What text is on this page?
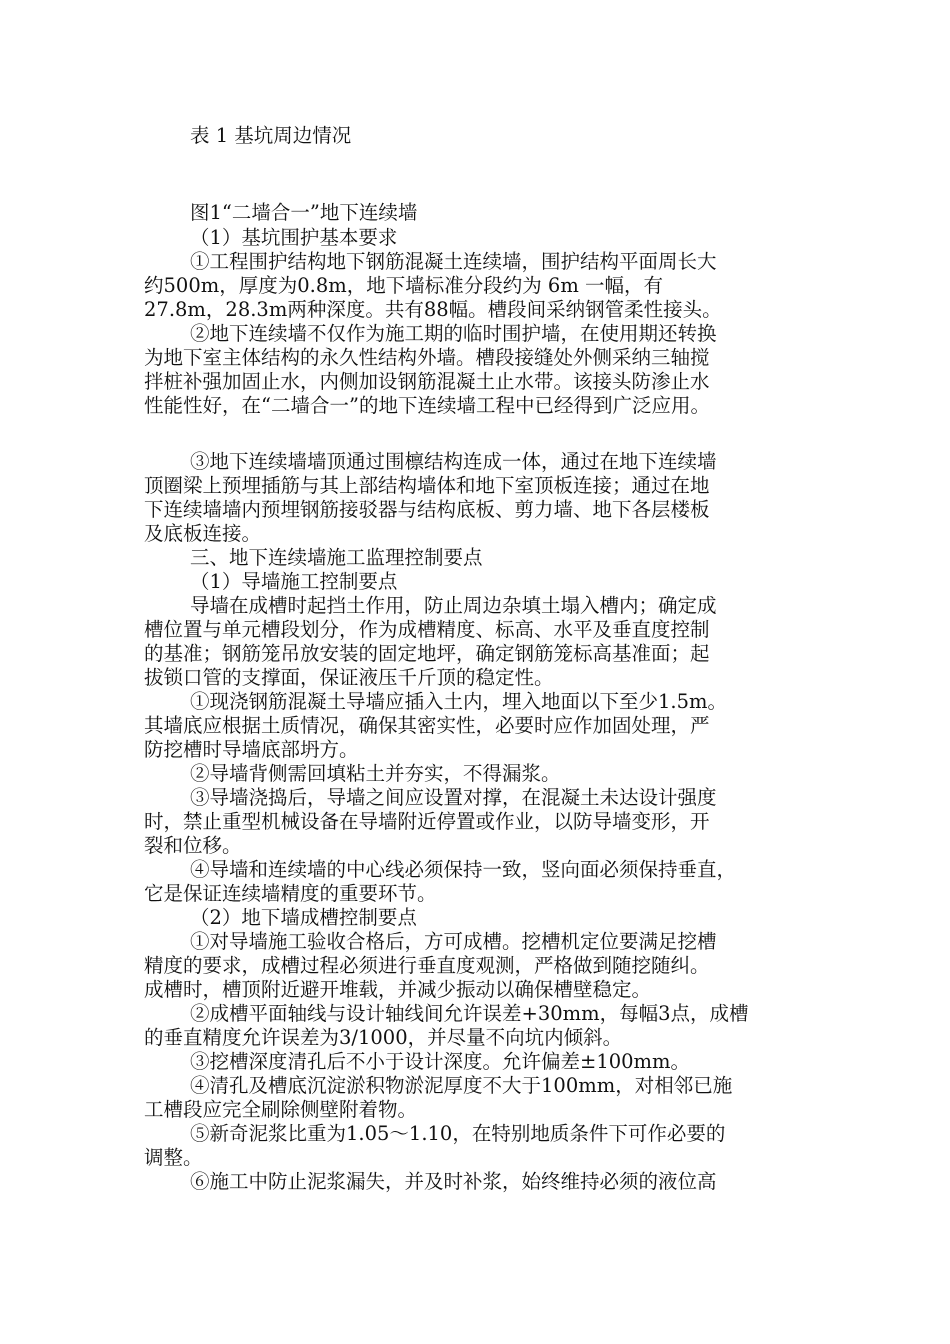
表 1 基坑周边情况
图1“二墙合一”地下连续墙
（1）基坑围护基本要求
①工程围护结构地下钢筋混凝土连续墙，围护结构平面周长大
约500m，厚度为0.8m，地下墙标准分段约为 6m 一幅，有
27.8m，28.3m两种深度。共有88幅。槽段间采纳钢管柔性接头。
②地下连续墙不仅作为施工期的临时围护墙，在使用期还转换
为地下室主体结构的永久性结构外墙。槽段接缝处外侧采纳三轴搅
拌桩补强加固止水，内侧加设钢筋混凝土止水带。该接头防渗止水
性能性好，在“二墙合一”的地下连续墙工程中已经得到广泛应用。
③地下连续墙墙顶通过围檩结构连成一体，通过在地下连续墙
顶圈梁上预埋插筋与其上部结构墙体和地下室顶板连接；通过在地
下连续墙墙内预埋钢筋接驳器与结构底板、剪力墙、地下各层楼板
及底板连接。
三、地下连续墙施工监理控制要点
（1）导墙施工控制要点
导墙在成槽时起挡土作用，防止周边杂填土塌入槽内；确定成
槽位置与单元槽段划分，作为成槽精度、标高、水平及垂直度控制
的基准；钢筋笼吊放安装的固定地坪，确定钢筋笼标高基准面；起
拔锁口管的支撑面，保证液压千斤顶的稳定性。
①现浇钢筋混凝土导墙应插入土内，埋入地面以下至少1.5m。
其墙底应根据土质情况，确保其密实性，必要时应作加固处理，严
防挖槽时导墙底部坍方。
②导墙背侧需回填粘土并夯实，不得漏浆。
③导墙浇捣后，导墙之间应设置对撑，在混凝土未达设计强度
时，禁止重型机械设备在导墙附近停置或作业，以防导墙变形，开
裂和位移。
④导墙和连续墙的中心线必须保持一致，竖向面必须保持垂直，
它是保证连续墙精度的重要环节。
（2）地下墙成槽控制要点
①对导墙施工验收合格后，方可成槽。挖槽机定位要满足挖槽
精度的要求，成槽过程必须进行垂直度观测，严格做到随挖随纠。
成槽时，槽顶附近避开堆载，并减少振动以确保槽壁稳定。
②成槽平面轴线与设计轴线间允许误差+30mm，每幅3点，成槽
的垂直精度允许误差为3/1000，并尽量不向坑内倾斜。
③挖槽深度清孔后不小于设计深度。允许偏差±100mm。
④清孔及槽底沉淀淤积物淤泥厚度不大于100mm，对相邻已施
工槽段应完全刷除侧壁附着物。
⑤新奇泥浆比重为1.05～1.10，在特别地质条件下可作必要的
调整。
⑥施工中防止泥浆漏失，并及时补浆，始终维持必须的液位高
